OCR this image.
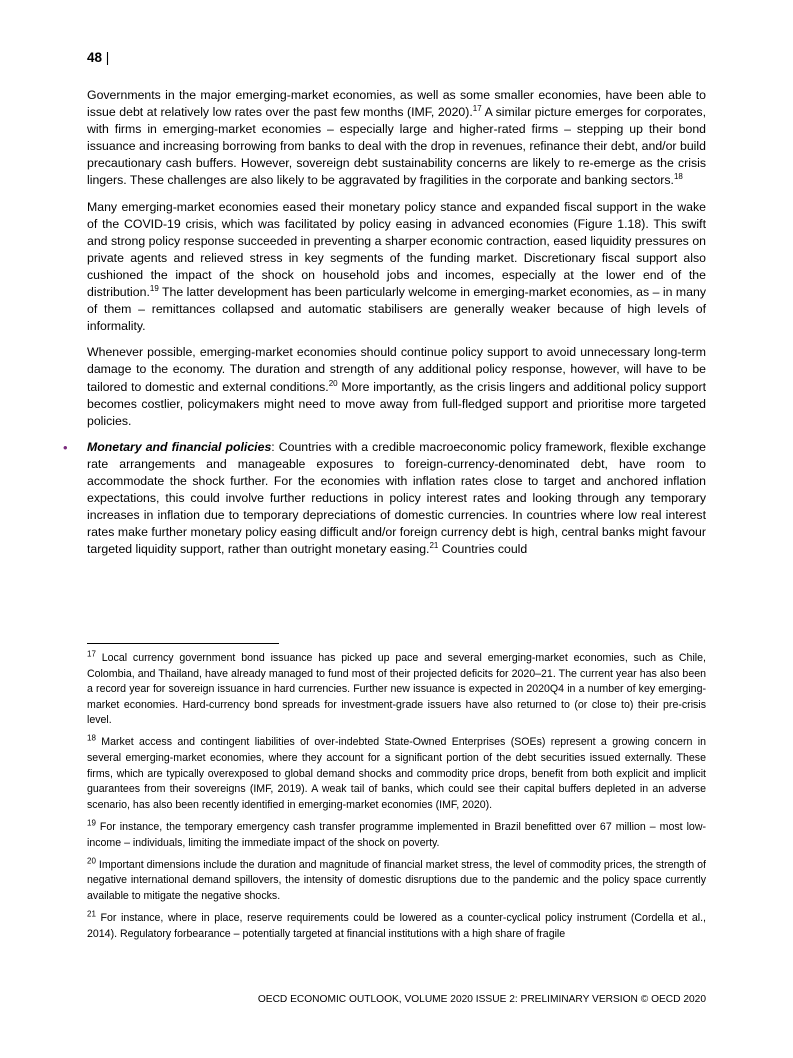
48 |

Governments in the major emerging-market economies, as well as some smaller economies, have been able to issue debt at relatively low rates over the past few months (IMF, 2020).$^{17}$ A similar picture emerges for corporates, with firms in emerging-market economies – especially large and higher-rated firms – stepping up their bond issuance and increasing borrowing from banks to deal with the drop in revenues, refinance their debt, and/or build precautionary cash buffers. However, sovereign debt sustainability concerns are likely to re-emerge as the crisis lingers. These challenges are also likely to be aggravated by fragilities in the corporate and banking sectors.$^{18}$

Many emerging-market economies eased their monetary policy stance and expanded fiscal support in the wake of the COVID-19 crisis, which was facilitated by policy easing in advanced economies (Figure 1.18). This swift and strong policy response succeeded in preventing a sharper economic contraction, eased liquidity pressures on private agents and relieved stress in key segments of the funding market. Discretionary fiscal support also cushioned the impact of the shock on household jobs and incomes, especially at the lower end of the distribution.$^{19}$ The latter development has been particularly welcome in emerging-market economies, as – in many of them – remittances collapsed and automatic stabilisers are generally weaker because of high levels of informality.

Whenever possible, emerging-market economies should continue policy support to avoid unnecessary long-term damage to the economy. The duration and strength of any additional policy response, however, will have to be tailored to domestic and external conditions.$^{20}$ More importantly, as the crisis lingers and additional policy support becomes costlier, policymakers might need to move away from full-fledged support and prioritise more targeted policies.

• Monetary and financial policies: Countries with a credible macroeconomic policy framework, flexible exchange rate arrangements and manageable exposures to foreign-currency-denominated debt, have room to accommodate the shock further. For the economies with inflation rates close to target and anchored inflation expectations, this could involve further reductions in policy interest rates and looking through any temporary increases in inflation due to temporary depreciations of domestic currencies. In countries where low real interest rates make further monetary policy easing difficult and/or foreign currency debt is high, central banks might favour targeted liquidity support, rather than outright monetary easing.$^{21}$ Countries could

$^{17}$ Local currency government bond issuance has picked up pace and several emerging-market economies, such as Chile, Colombia, and Thailand, have already managed to fund most of their projected deficits for 2020–21. The current year has also been a record year for sovereign issuance in hard currencies. Further new issuance is expected in 2020Q4 in a number of key emerging-market economies. Hard-currency bond spreads for investment-grade issuers have also returned to (or close to) their pre-crisis level.

$^{18}$ Market access and contingent liabilities of over-indebted State-Owned Enterprises (SOEs) represent a growing concern in several emerging-market economies, where they account for a significant portion of the debt securities issued externally. These firms, which are typically overexposed to global demand shocks and commodity price drops, benefit from both explicit and implicit guarantees from their sovereigns (IMF, 2019). A weak tail of banks, which could see their capital buffers depleted in an adverse scenario, has also been recently identified in emerging-market economies (IMF, 2020).

$^{19}$ For instance, the temporary emergency cash transfer programme implemented in Brazil benefitted over 67 million – most low-income – individuals, limiting the immediate impact of the shock on poverty.

$^{20}$ Important dimensions include the duration and magnitude of financial market stress, the level of commodity prices, the strength of negative international demand spillovers, the intensity of domestic disruptions due to the pandemic and the policy space currently available to mitigate the negative shocks.

$^{21}$ For instance, where in place, reserve requirements could be lowered as a counter-cyclical policy instrument (Cordella et al., 2014). Regulatory forbearance – potentially targeted at financial institutions with a high share of fragile

OECD ECONOMIC OUTLOOK, VOLUME 2020 ISSUE 2: PRELIMINARY VERSION © OECD 2020
